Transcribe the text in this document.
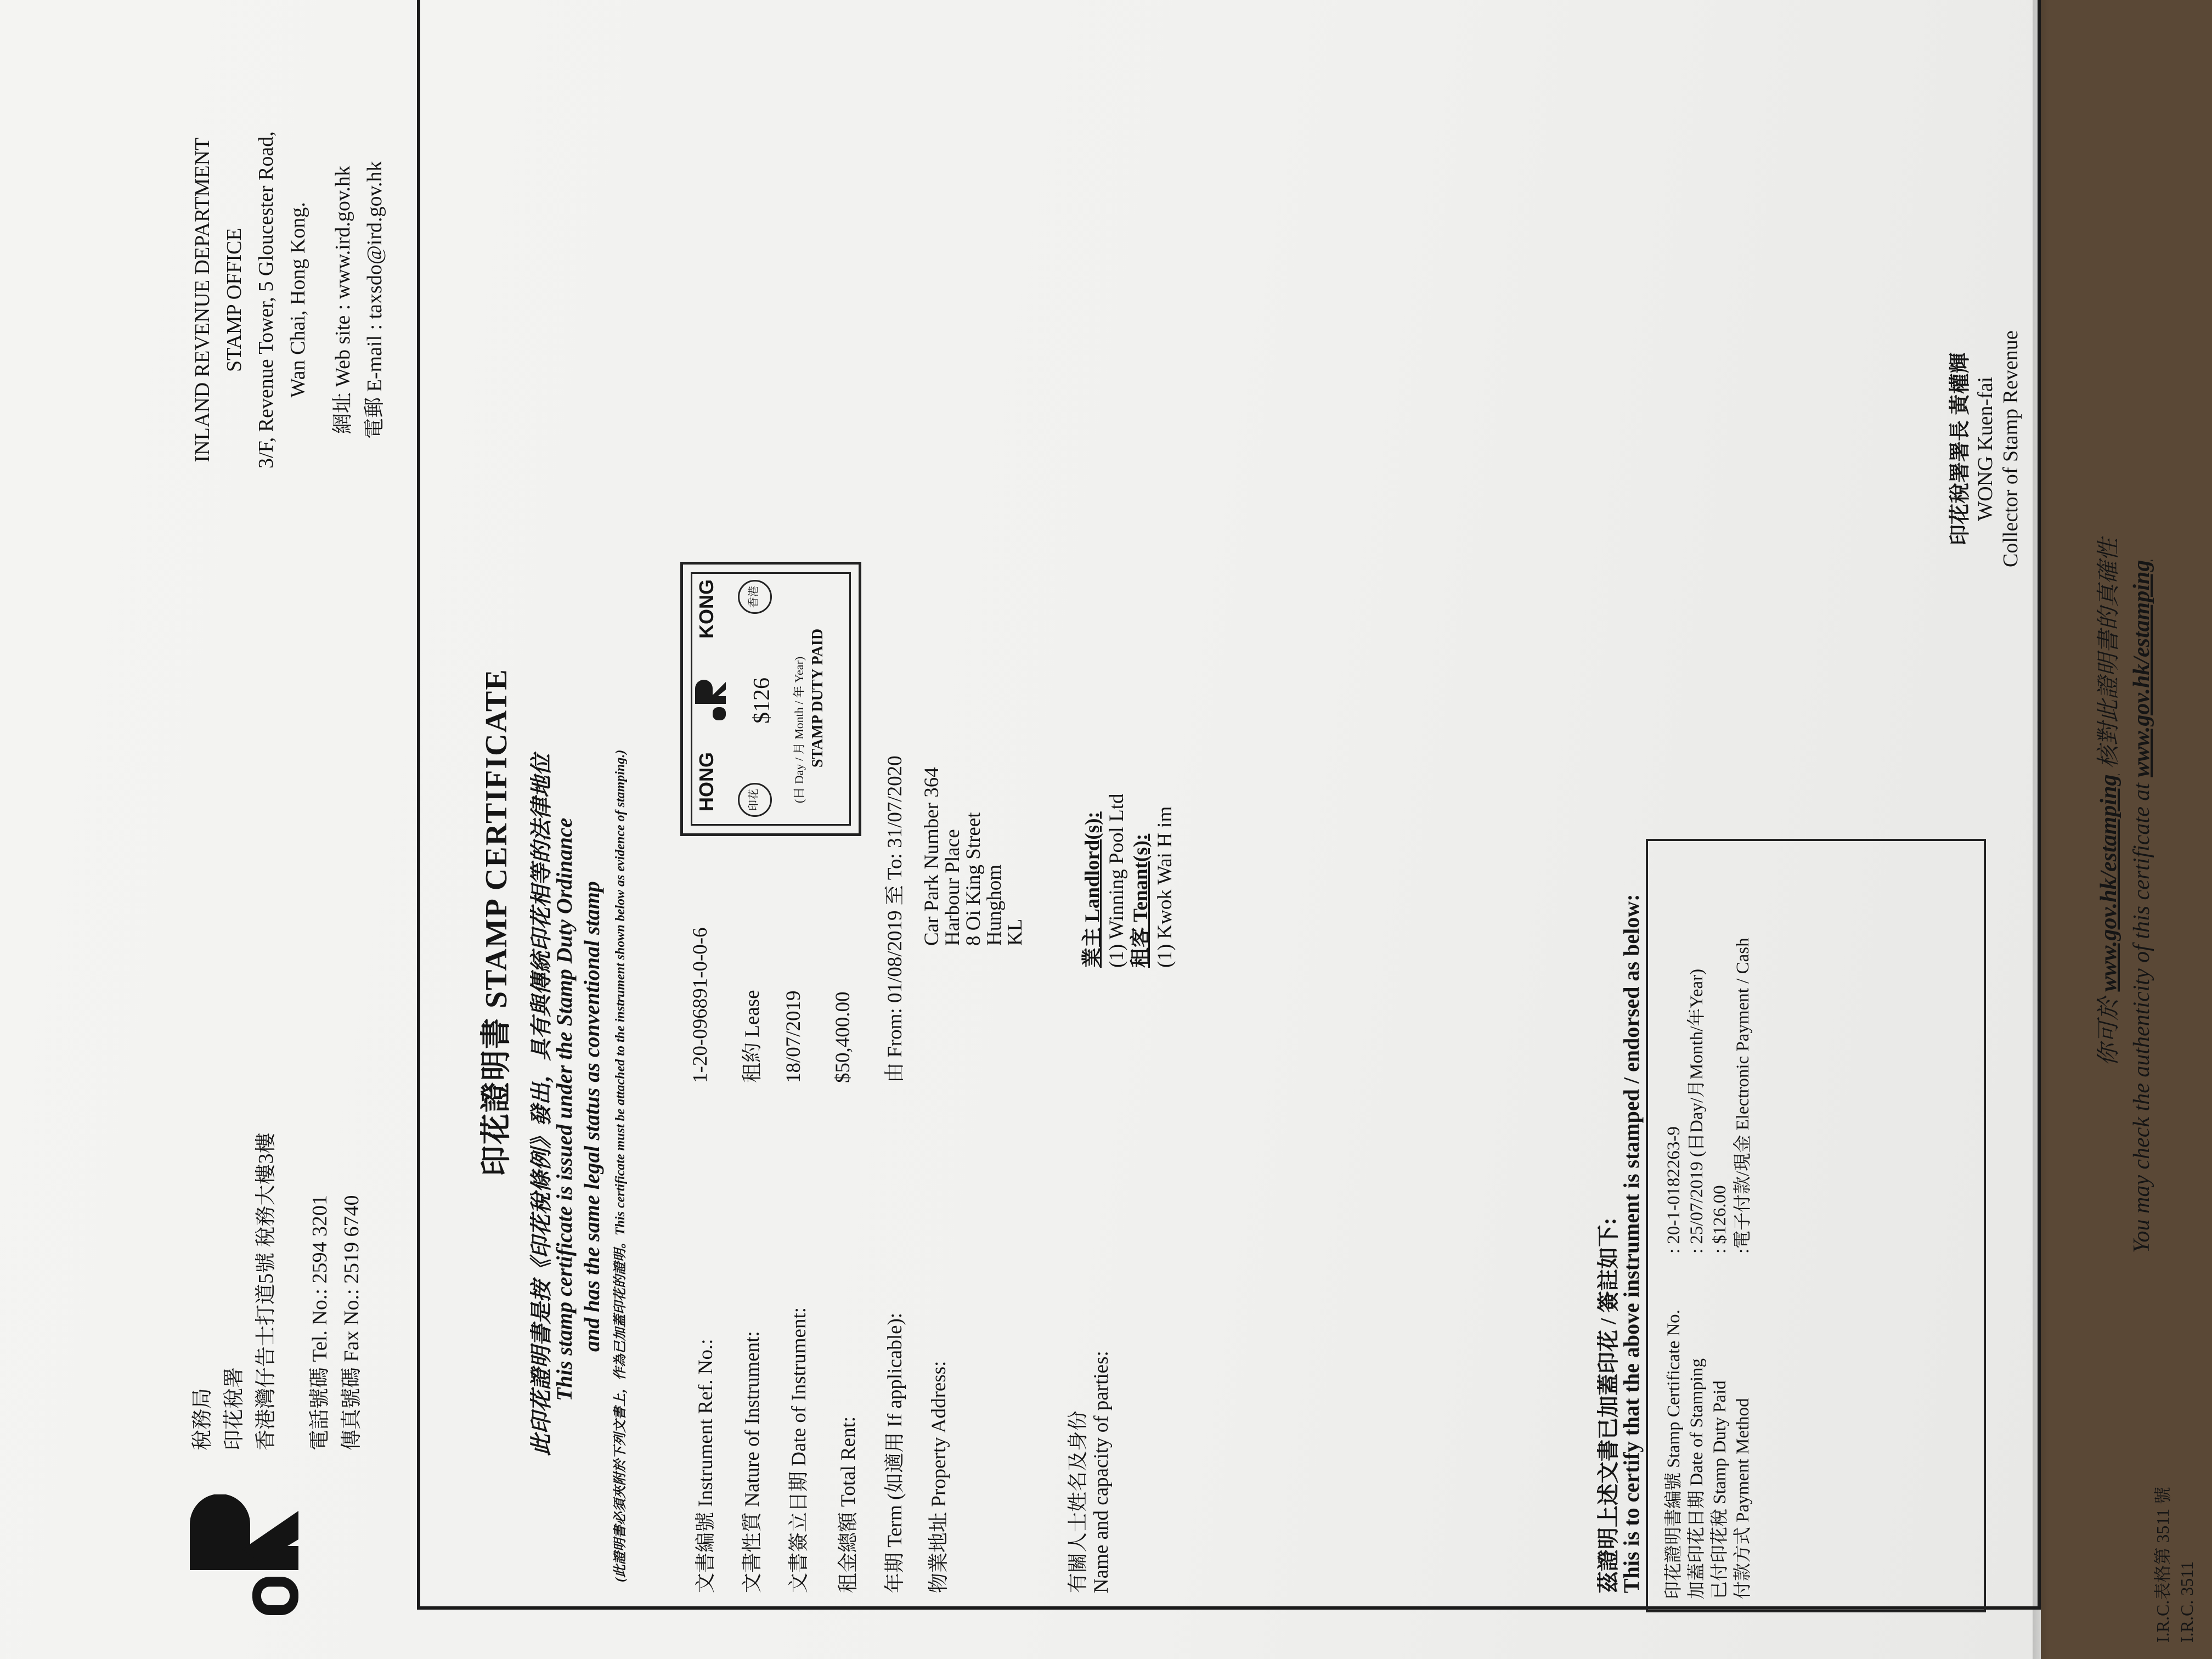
稅務局 印花稅署 香港灣仔告士打道5號 稅務大樓3樓 電話號碼 Tel. No.: 2594 3201 傳真號碼 Fax No.: 2519 6740
INLAND REVENUE DEPARTMENT STAMP OFFICE 3/F, Revenue Tower, 5 Gloucester Road, Wan Chai, Hong Kong. 網址 Web site : www.ird.gov.hk 電郵 E-mail : taxsdo@ird.gov.hk
印花證明書 STAMP CERTIFICATE 此印花證明書是按《印花稅條例》發出，具有與傳統印花相等的法律地位
This stamp certificate is issued under the Stamp Duty Ordinance and has the same legal status as conventional stamp (此證明書必須夾附於下列文書上，作為已加蓋印花的證明。This certificate must be attached to the instrument shown below as evidence of stamping.)	HONG
KONG
$126 STAMP DUTY PAID
印花
香港
文書編號 Instrument Ref. No.:
1-20-096891-0-0-6
文書性質 Nature of Instrument:
租約 Lease
文書簽立日期 Date of Instrument:
18/07/2019
(日 Day / 月 Month / 年 Year)
租金總額 Total Rent:
$50,400.00
年期 Term (如適用 If applicable):
由 From: 01/08/2019 至 To: 31/07/2020
物業地址 Property Address:
Car Park Number 364
Harbour Place
8 Oi King Street
Hunghom
KL
有關人士姓名及身份 Name and capacity of parties:
業主 Landlord(s): (1) Winning Pool Ltd 租客 Tenant(s): (1) Kwok Wai H im
茲證明上述文書已加蓋印花 / 簽註如下:
This is to certify that the above instrument is stamped / endorsed as below: 印花證明書編號 Stamp Certificate No. 加蓋印花日期 Date of Stamping 已付印花稅 Stamp Duty Paid 付款方式 Payment Method
: 20-1-0182263-9 : 25/07/2019 (日Day/月Month/年Year) : $126.00 :電子付款/現金 Electronic Payment / Cash
印花稅署署長 黃權輝 WONG Kuen-fai Collector of Stamp Revenue
你可於 www.gov.hk/estamping 核對此證明書的真確性
You may check the authenticity of this certificate at www.gov.hk/estamping
I.R.C.表格第 3511 號 I.R.C. 3511
